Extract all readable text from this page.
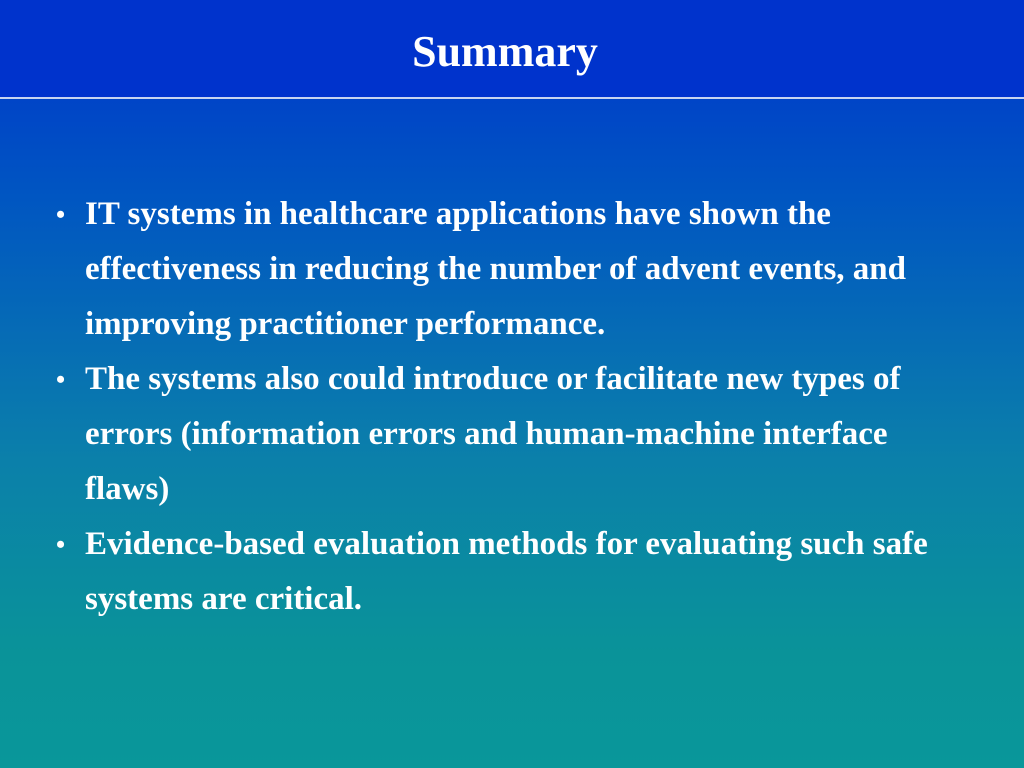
Summary
• IT systems in healthcare applications have shown the effectiveness in reducing the number of advent events, and improving practitioner performance.
• The systems also could introduce or facilitate new types of errors (information errors and human-machine interface flaws)
• Evidence-based evaluation methods for evaluating such safe systems are critical.
